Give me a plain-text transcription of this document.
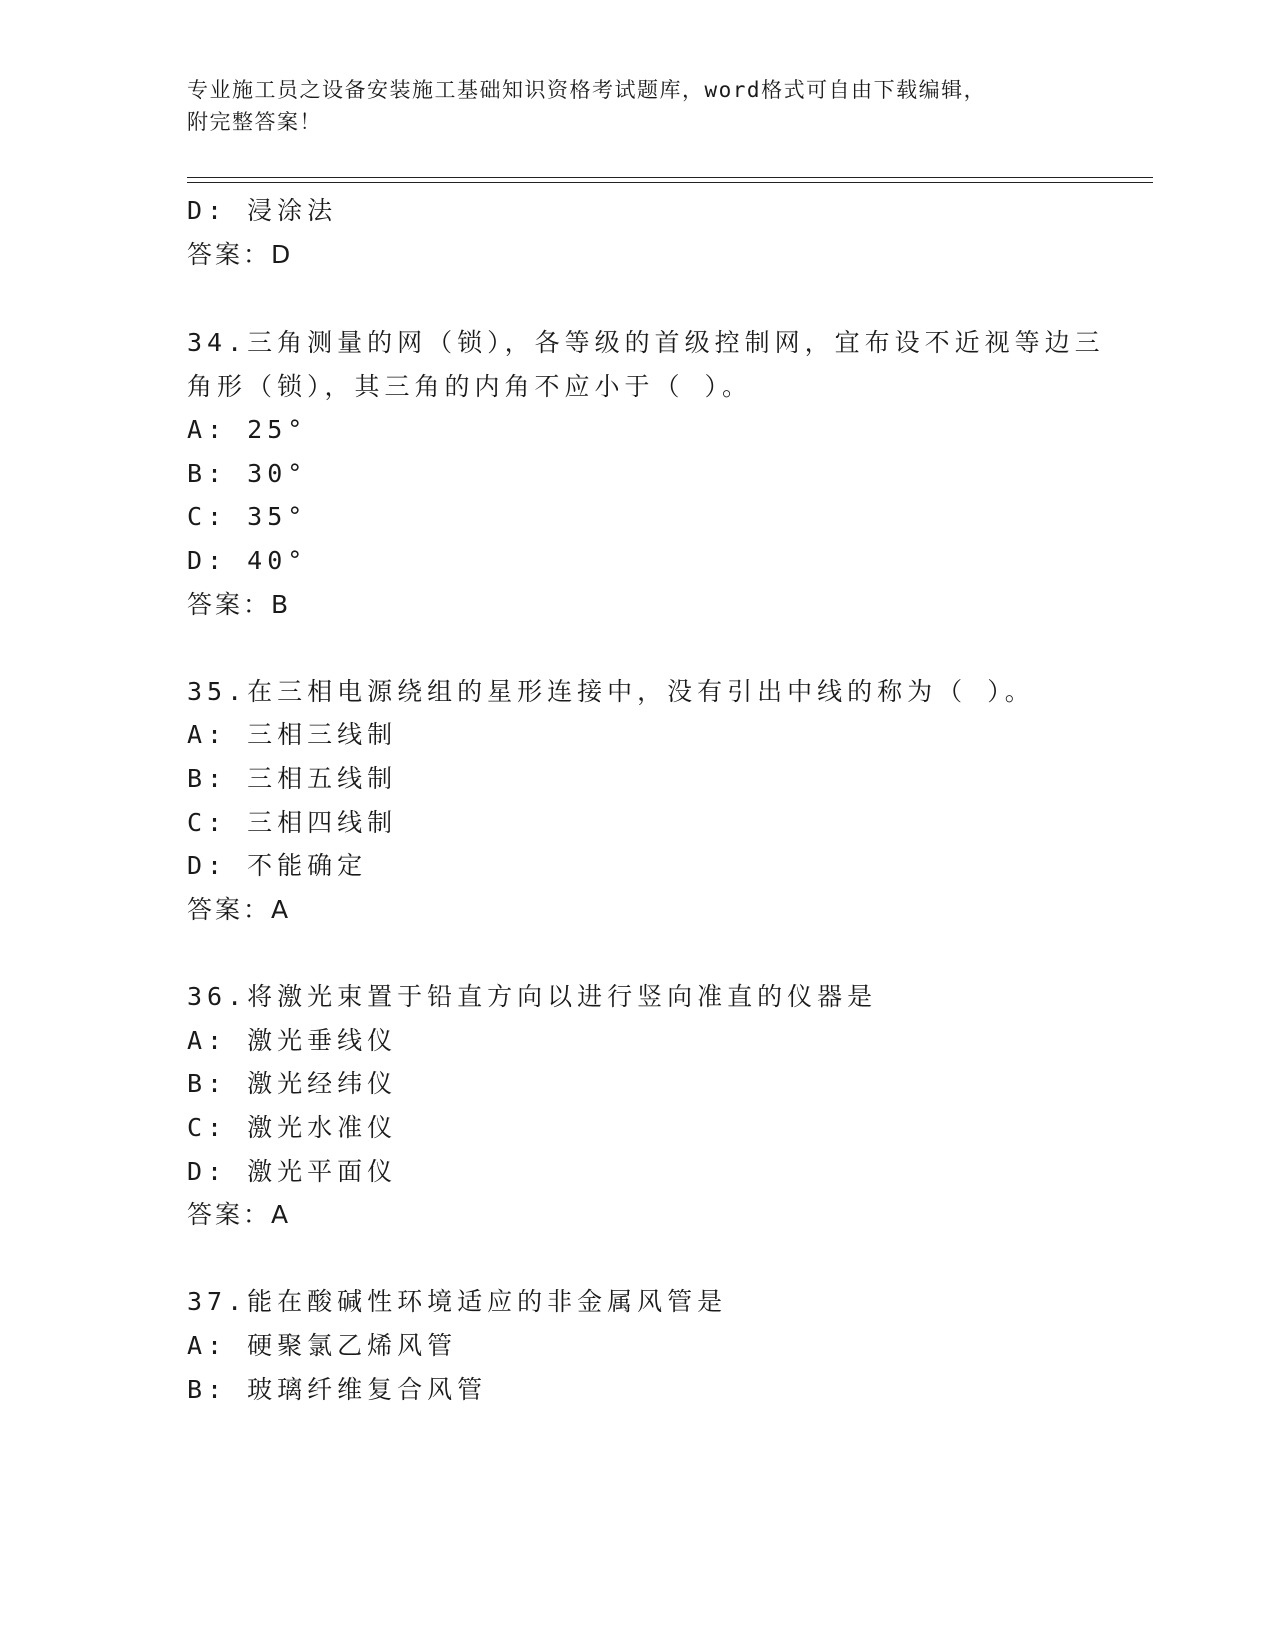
专业施工员之设备安装施工基础知识资格考试题库，word格式可自由下载编辑，
附完整答案！
D: 浸涂法
答案：D
34.三角测量的网（锁），各等级的首级控制网，宜布设不近视等边三
角形（锁），其三角的内角不应小于（ ）。
A: 25°
B: 30°
C: 35°
D: 40°
答案：B
35.在三相电源绕组的星形连接中，没有引出中线的称为（ ）。
A: 三相三线制
B: 三相五线制
C: 三相四线制
D: 不能确定
答案：A
36.将激光束置于铅直方向以进行竖向准直的仪器是
A: 激光垂线仪
B: 激光经纬仪
C: 激光水准仪
D: 激光平面仪
答案：A
37.能在酸碱性环境适应的非金属风管是
A: 硬聚氯乙烯风管
B: 玻璃纤维复合风管
